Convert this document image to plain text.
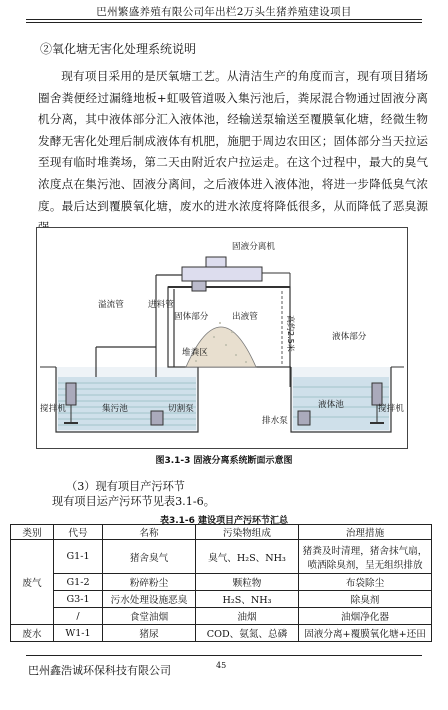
巴州繁盛养殖有限公司年出栏2万头生猪养殖建设项目
②氧化塘无害化处理系统说明

现有项目采用的是厌氧塘工艺。从清洁生产的角度而言，现有项目猪场圈舍粪便经过漏缝地板+虹吸管道吸入集污池后，粪尿混合物通过固液分离机分离，其中液体部分汇入液体池，经输送泵输送至覆膜氧化塘，经微生物发酵无害化处理后制成液体有机肥，施肥于周边农田区；固体部分当天拉运至现有临时堆粪场，第二天由附近农户拉运走。在这个过程中，最大的臭气浓度点在集污池、固液分离间，之后液体进入液体池，将进一步降低臭气浓度。最后达到覆膜氧化塘，废水的进水浓度将降低很多，从而降低了恶臭源

固液分离机
溢流管	进料管
固体部分	出液管
液体部分
堆粪区
搅拌机	切割泵
集污池
排水泵
液体池	搅拌机
高约2.5米
图3.1-3 固液分离系统断面示意图
（3）现有项目产污环节
现有项目运产污环节见表3.1-6。
表3.1-6 建设项目产污环节汇总
类别	代号	名称	污染物组成	治理措施
废气	G1-1	猪舍臭气	臭气、H₂S、NH₃	猪粪及时清理，猪舍抹气扇，喷洒除臭剂，呈无组织排放
	G1-2	粉碎粉尘	颗粒物	布袋除尘
	G3-1	污水处理设施恶臭	H₂S、NH₃	除臭剂
	/	食堂油烟	油烟	油烟净化器
废水	W1-1	猪尿	COD、氨氮、总磷	固液分离+覆膜氧化塘+还田
巴州鑫浩诚环保科技有限公司	45
